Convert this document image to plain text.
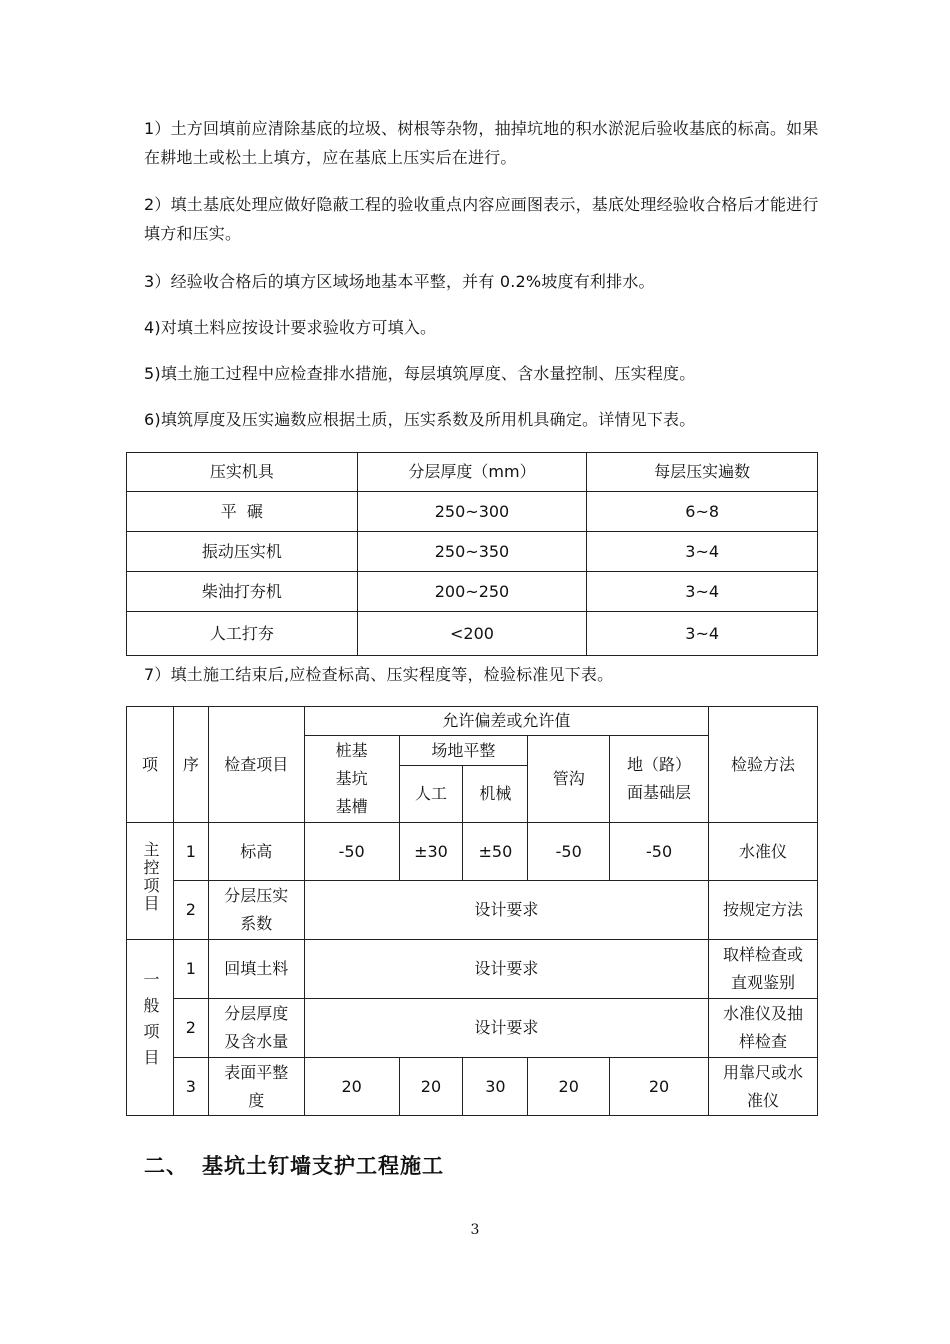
1）土方回填前应清除基底的垃圾、树根等杂物，抽掉坑地的积水淤泥后验收基底的标高。如果在耕地土或松土上填方，应在基底上压实后在进行。

2）填土基底处理应做好隐蔽工程的验收重点内容应画图表示，基底处理经验收合格后才能进行填方和压实。

3）经验收合格后的填方区域场地基本平整，并有 0.2%坡度有利排水。

4)对填土料应按设计要求验收方可填入。

5)填土施工过程中应检查排水措施，每层填筑厚度、含水量控制、压实程度。

6)填筑厚度及压实遍数应根据土质，压实系数及所用机具确定。详情见下表。

压实机具	分层厚度（mm）	每层压实遍数
平  碾	250~300	6~8
振动压实机	250~350	3~4
柴油打夯机	200~250	3~4
人工打夯	<200	3~4

7）填土施工结束后,应检查标高、压实程度等，检验标准见下表。

项	序	检查项目	允许偏差或允许值					检验方法

			桩基基坑基槽	场地平整		管沟	地（路）面基础层	

				人工	机械			
主控项目	1	标高	-50	±30	±50	-50	-50	水准仪
	2	分层压实系数	设计要求					按规定方法
一般项目	1	回填土料	设计要求					取样检查或直观鉴别

	2	分层厚度及含水量	设计要求					水准仪及抽样检查

	3	表面平整度	20	20	30	20	20	用靠尺或水准仪
二、 基坑土钉墙支护工程施工
3
